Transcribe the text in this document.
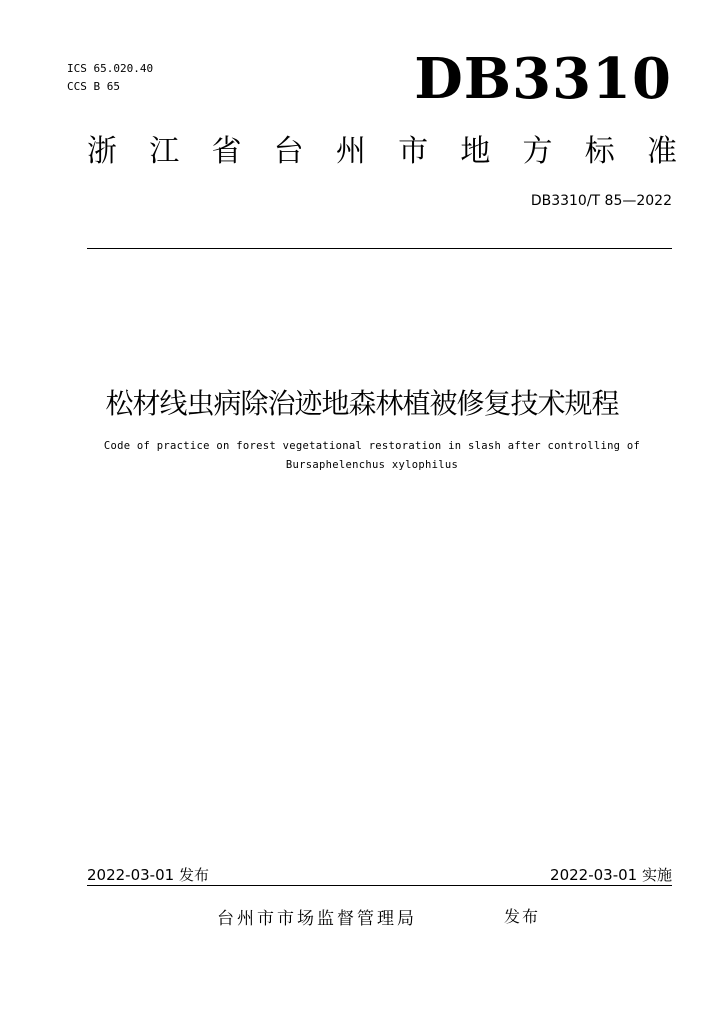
ICS 65.020.40
CCS B 65	DB3310
浙 江 省 台 州 市 地 方 标 准
DB3310/T 85—2022
松材线虫病除治迹地森林植被修复技术规程
Code of practice on forest vegetational restoration in slash after controlling of
Bursaphelenchus xylophilus
2022-03-01 发布	2022-03-01 实施
台州市市场监督管理局	发布
